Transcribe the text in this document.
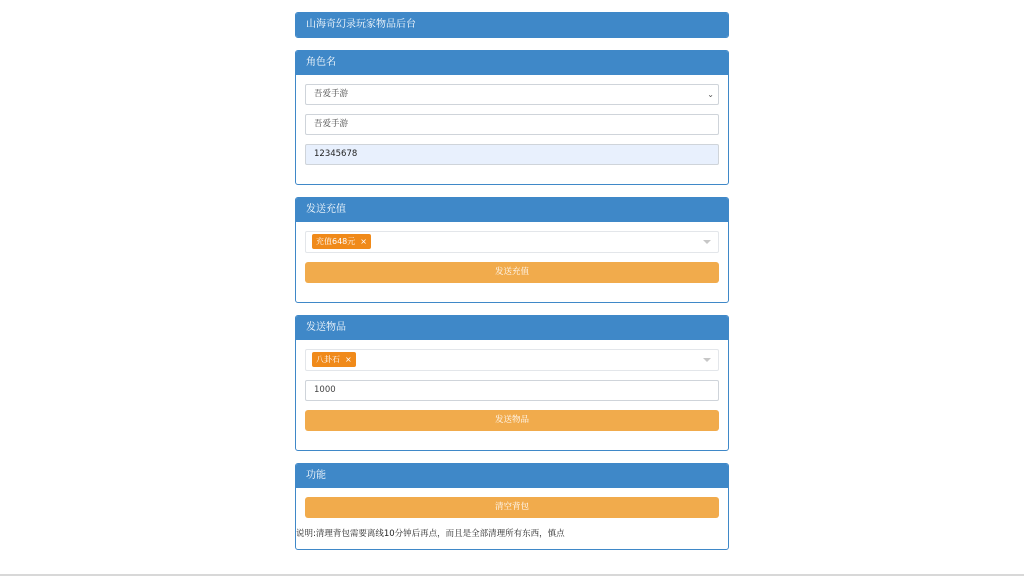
山海奇幻录玩家物品后台
角色名
吾爱手游	⌄
吾爱手游
12345678
发送充值
充值648元 ×
发送充值
发送物品
八卦石 ×
1000
发送物品
功能
清空背包
说明:清理背包需要离线10分钟后再点，而且是全部清理所有东西，慎点
